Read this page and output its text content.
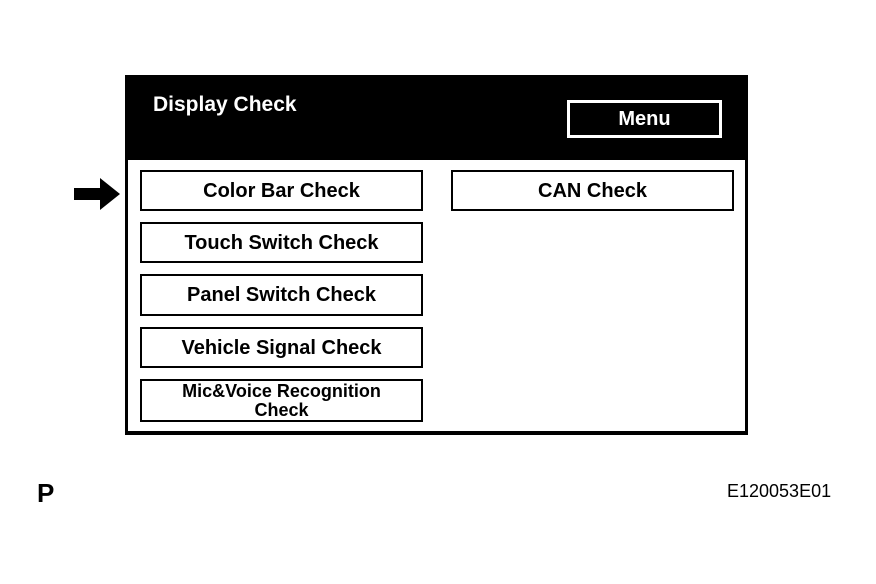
Display Check
Menu
Color Bar Check
Touch Switch Check
Panel Switch Check
Vehicle Signal Check
Mic&Voice Recognition Check
CAN Check
P	E120053E01
